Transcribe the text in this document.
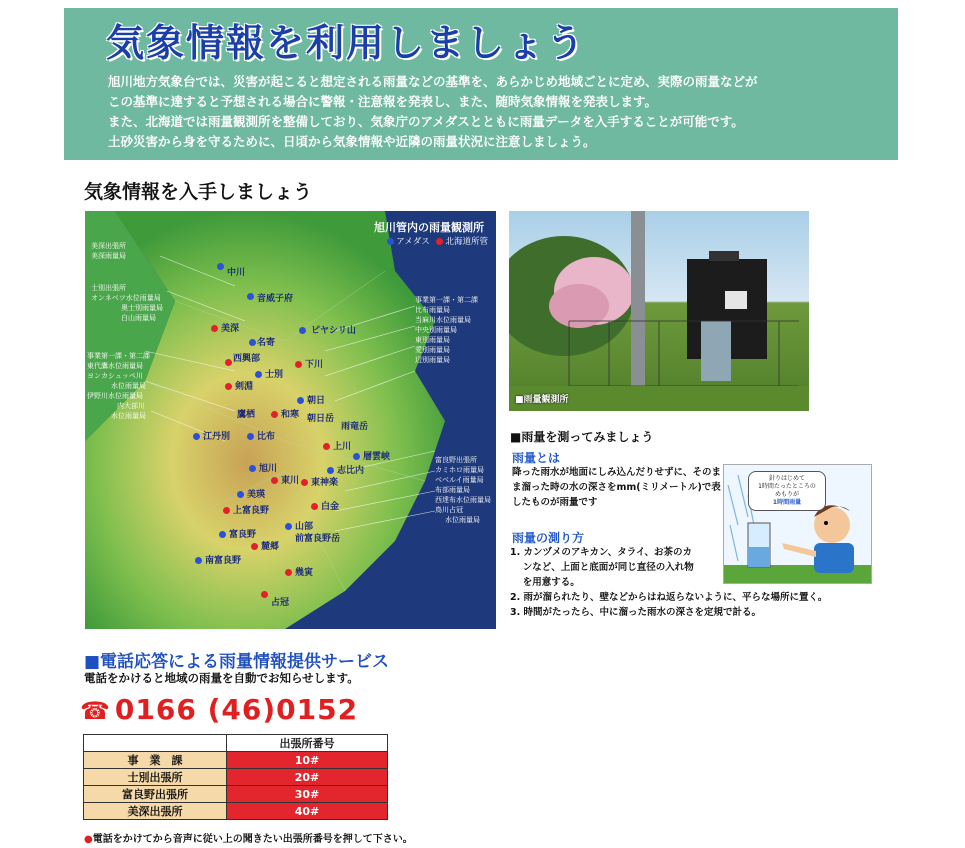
気象情報を利用しましょう
旭川地方気象台では、災害が起こると想定される雨量などの基準を、あらかじめ地域ごとに定め、実際の雨量などが
この基準に達すると予想される場合に警報・注意報を発表し、また、随時気象情報を発表します。
また、北海道では雨量観測所を整備しており、気象庁のアメダスとともに雨量データを入手することが可能です。
土砂災害から身を守るために、日頃から気象情報や近隣の雨量状況に注意しましょう。
気象情報を入手しましょう
旭川管内の雨量観測所
アメダス 北海道所管
中川
音威子府
美深
名寄
ピヤシリ山
西興部
士別
下川
朝日
和寒
比布
上川
層雲峡
旭川
東川
美瑛
上富良野
富良野
麓郷
南富良野
幾寅
占冠
江丹別
鷹栖
東神楽
志比内
白金
山部
前富良野岳
剣淵
雨竜岳
朝日岳
美深出張所
美深雨量局
士別出張所
オンネベツ水位雨量局
奥士別雨量局
白山雨量局
事業第一課・第二課
東代鷹水位雨量局
ヨンカシュッペ川
水位雨量局
伊野川水位雨量局
内大部川
水位雨量局
事業第一課・第二課
比布雨量局
当麻川水位雨量局
中央別雨量局
東別雨量局
愛別雨量局
辺別雨量局
富良野出張所
カミホロ雨量局
ベベルイ雨量局
布部雨量局
西達布水位雨量局
鳥川占冠
水位雨量局
■雨量観測所
■雨量を測ってみましょう
雨量とは
降った雨水が地面にしみ込んだりせずに、そのまま溜った時の水の深さをmm(ミリメートル)で表したものが雨量です
雨量の測り方
1. カンヅメのアキカン、タライ、お茶のカ
　 ンなど、上面と底面が同じ直径の入れ物
　 を用意する。
2. 雨が溜られたり、壁などからはね返らないように、平らな場所に置く。
3. 時間がたったら、中に溜った雨水の深さを定規で計る。
針りはじめて
1時間たったところの
めもりが
1時間雨量
■電話応答による雨量情報提供サービス
電話をかけると地域の雨量を自動でお知らせします。
☎ 0166 (46)0152
	出張所番号
事　業　課	10#
士別出張所	20#
富良野出張所	30#
美深出張所	40#
●電話をかけてから音声に従い上の聞きたい出張所番号を押して下さい。
